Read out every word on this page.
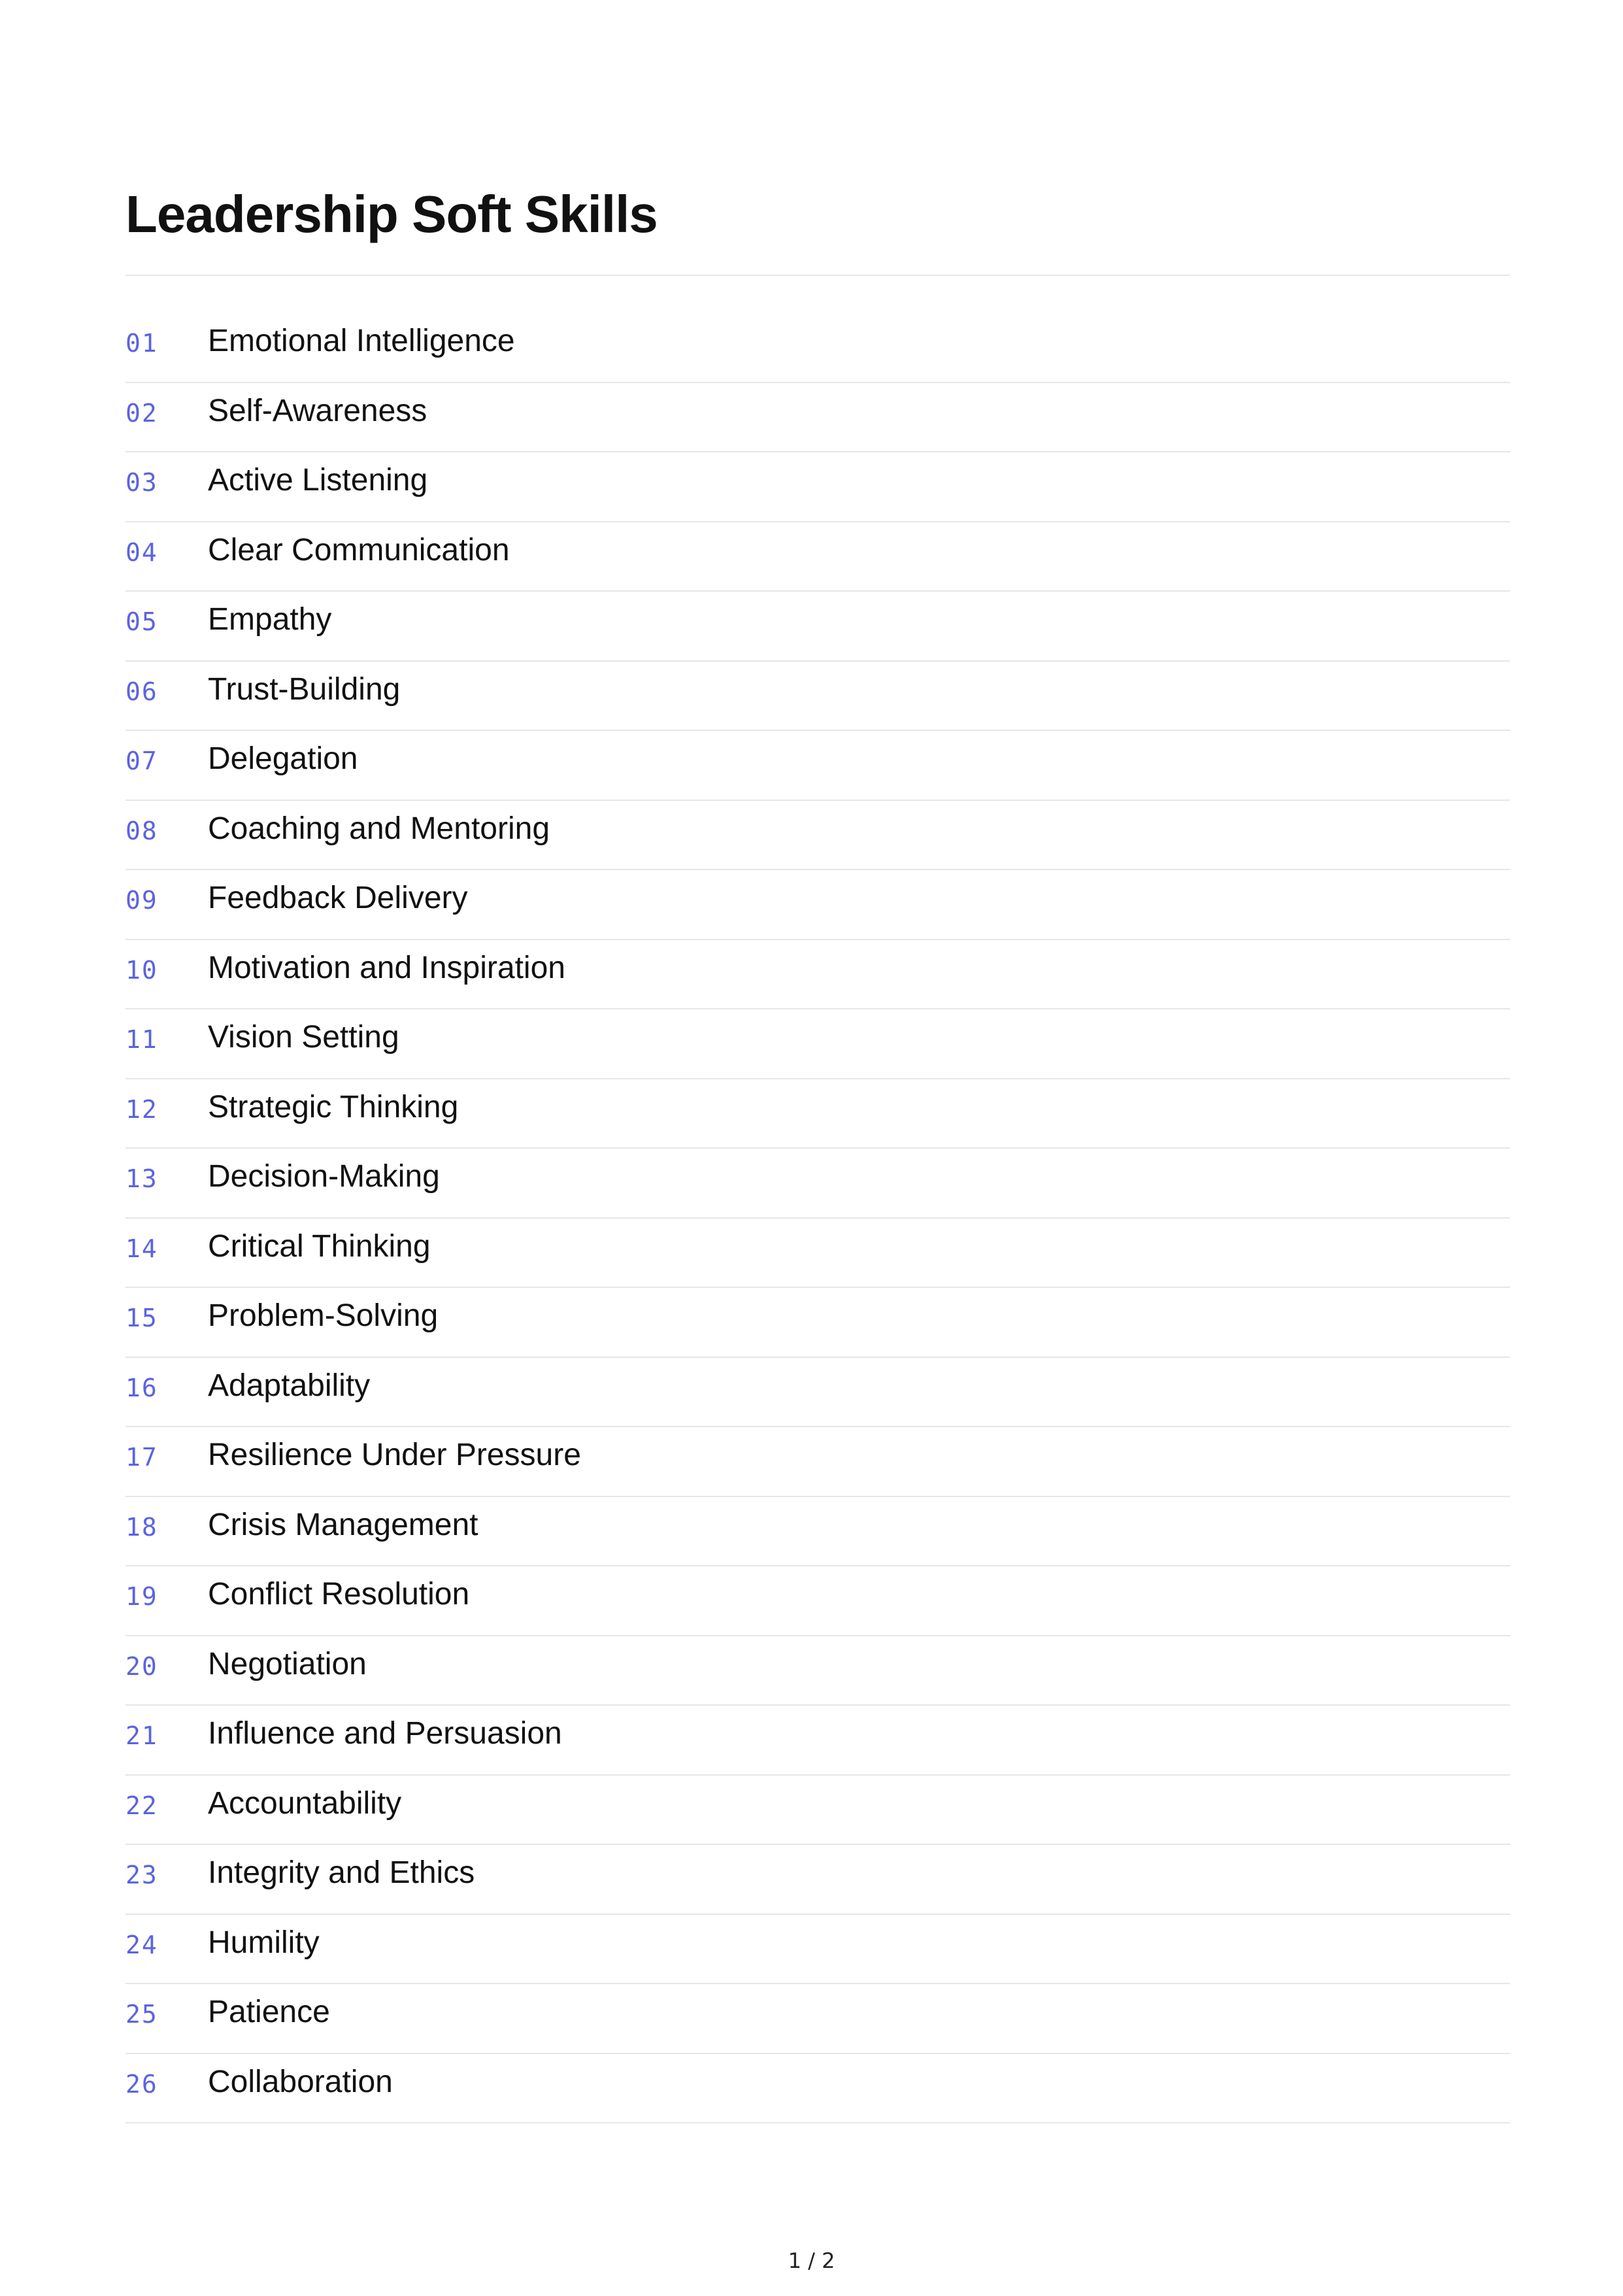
Leadership Soft Skills
01 Emotional Intelligence
02 Self-Awareness
03 Active Listening
04 Clear Communication
05 Empathy
06 Trust-Building
07 Delegation
08 Coaching and Mentoring
09 Feedback Delivery
10 Motivation and Inspiration
11 Vision Setting
12 Strategic Thinking
13 Decision-Making
14 Critical Thinking
15 Problem-Solving
16 Adaptability
17 Resilience Under Pressure
18 Crisis Management
19 Conflict Resolution
20 Negotiation
21 Influence and Persuasion
22 Accountability
23 Integrity and Ethics
24 Humility
25 Patience
26 Collaboration
1 / 2
